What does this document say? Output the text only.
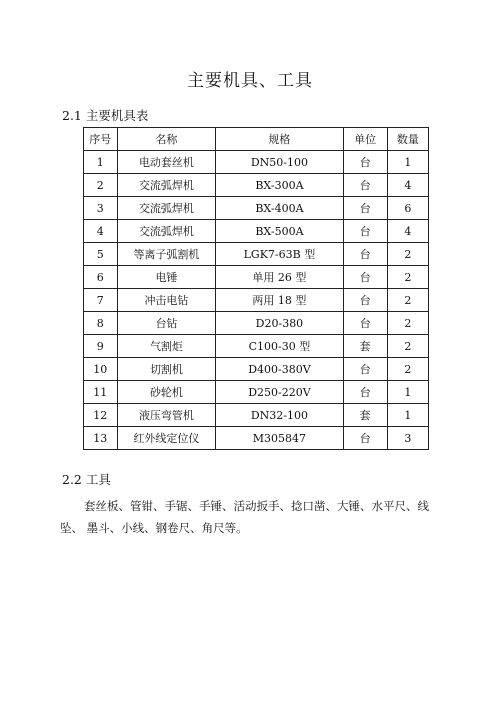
主要机具、工具
2.1 主要机具表
序号	名称	规格	单位	数量
1	电动套丝机	DN50-100	台	1
2	交流弧焊机	BX-300A	台	4
3	交流弧焊机	BX-400A	台	6
4	交流弧焊机	BX-500A	台	4
5	等离子弧割机	LGK7-63B 型	台	2
6	电锤	单用 26 型	台	2
7	冲击电钻	两用 18 型	台	2
8	台钻	D20-380	台	2
9	气割炬	C100-30 型	套	2
10	切割机	D400-380V	台	2
11	砂轮机	D250-220V	台	1
12	液压弯管机	DN32-100	套	1
13	红外线定位仪	M305847	台	3
2.2 工具

套丝板、管钳、手锯、手锤、活动扳手、捻口凿、大锤、水平尺、线坠、 墨斗、小线、钢卷尺、角尺等。
